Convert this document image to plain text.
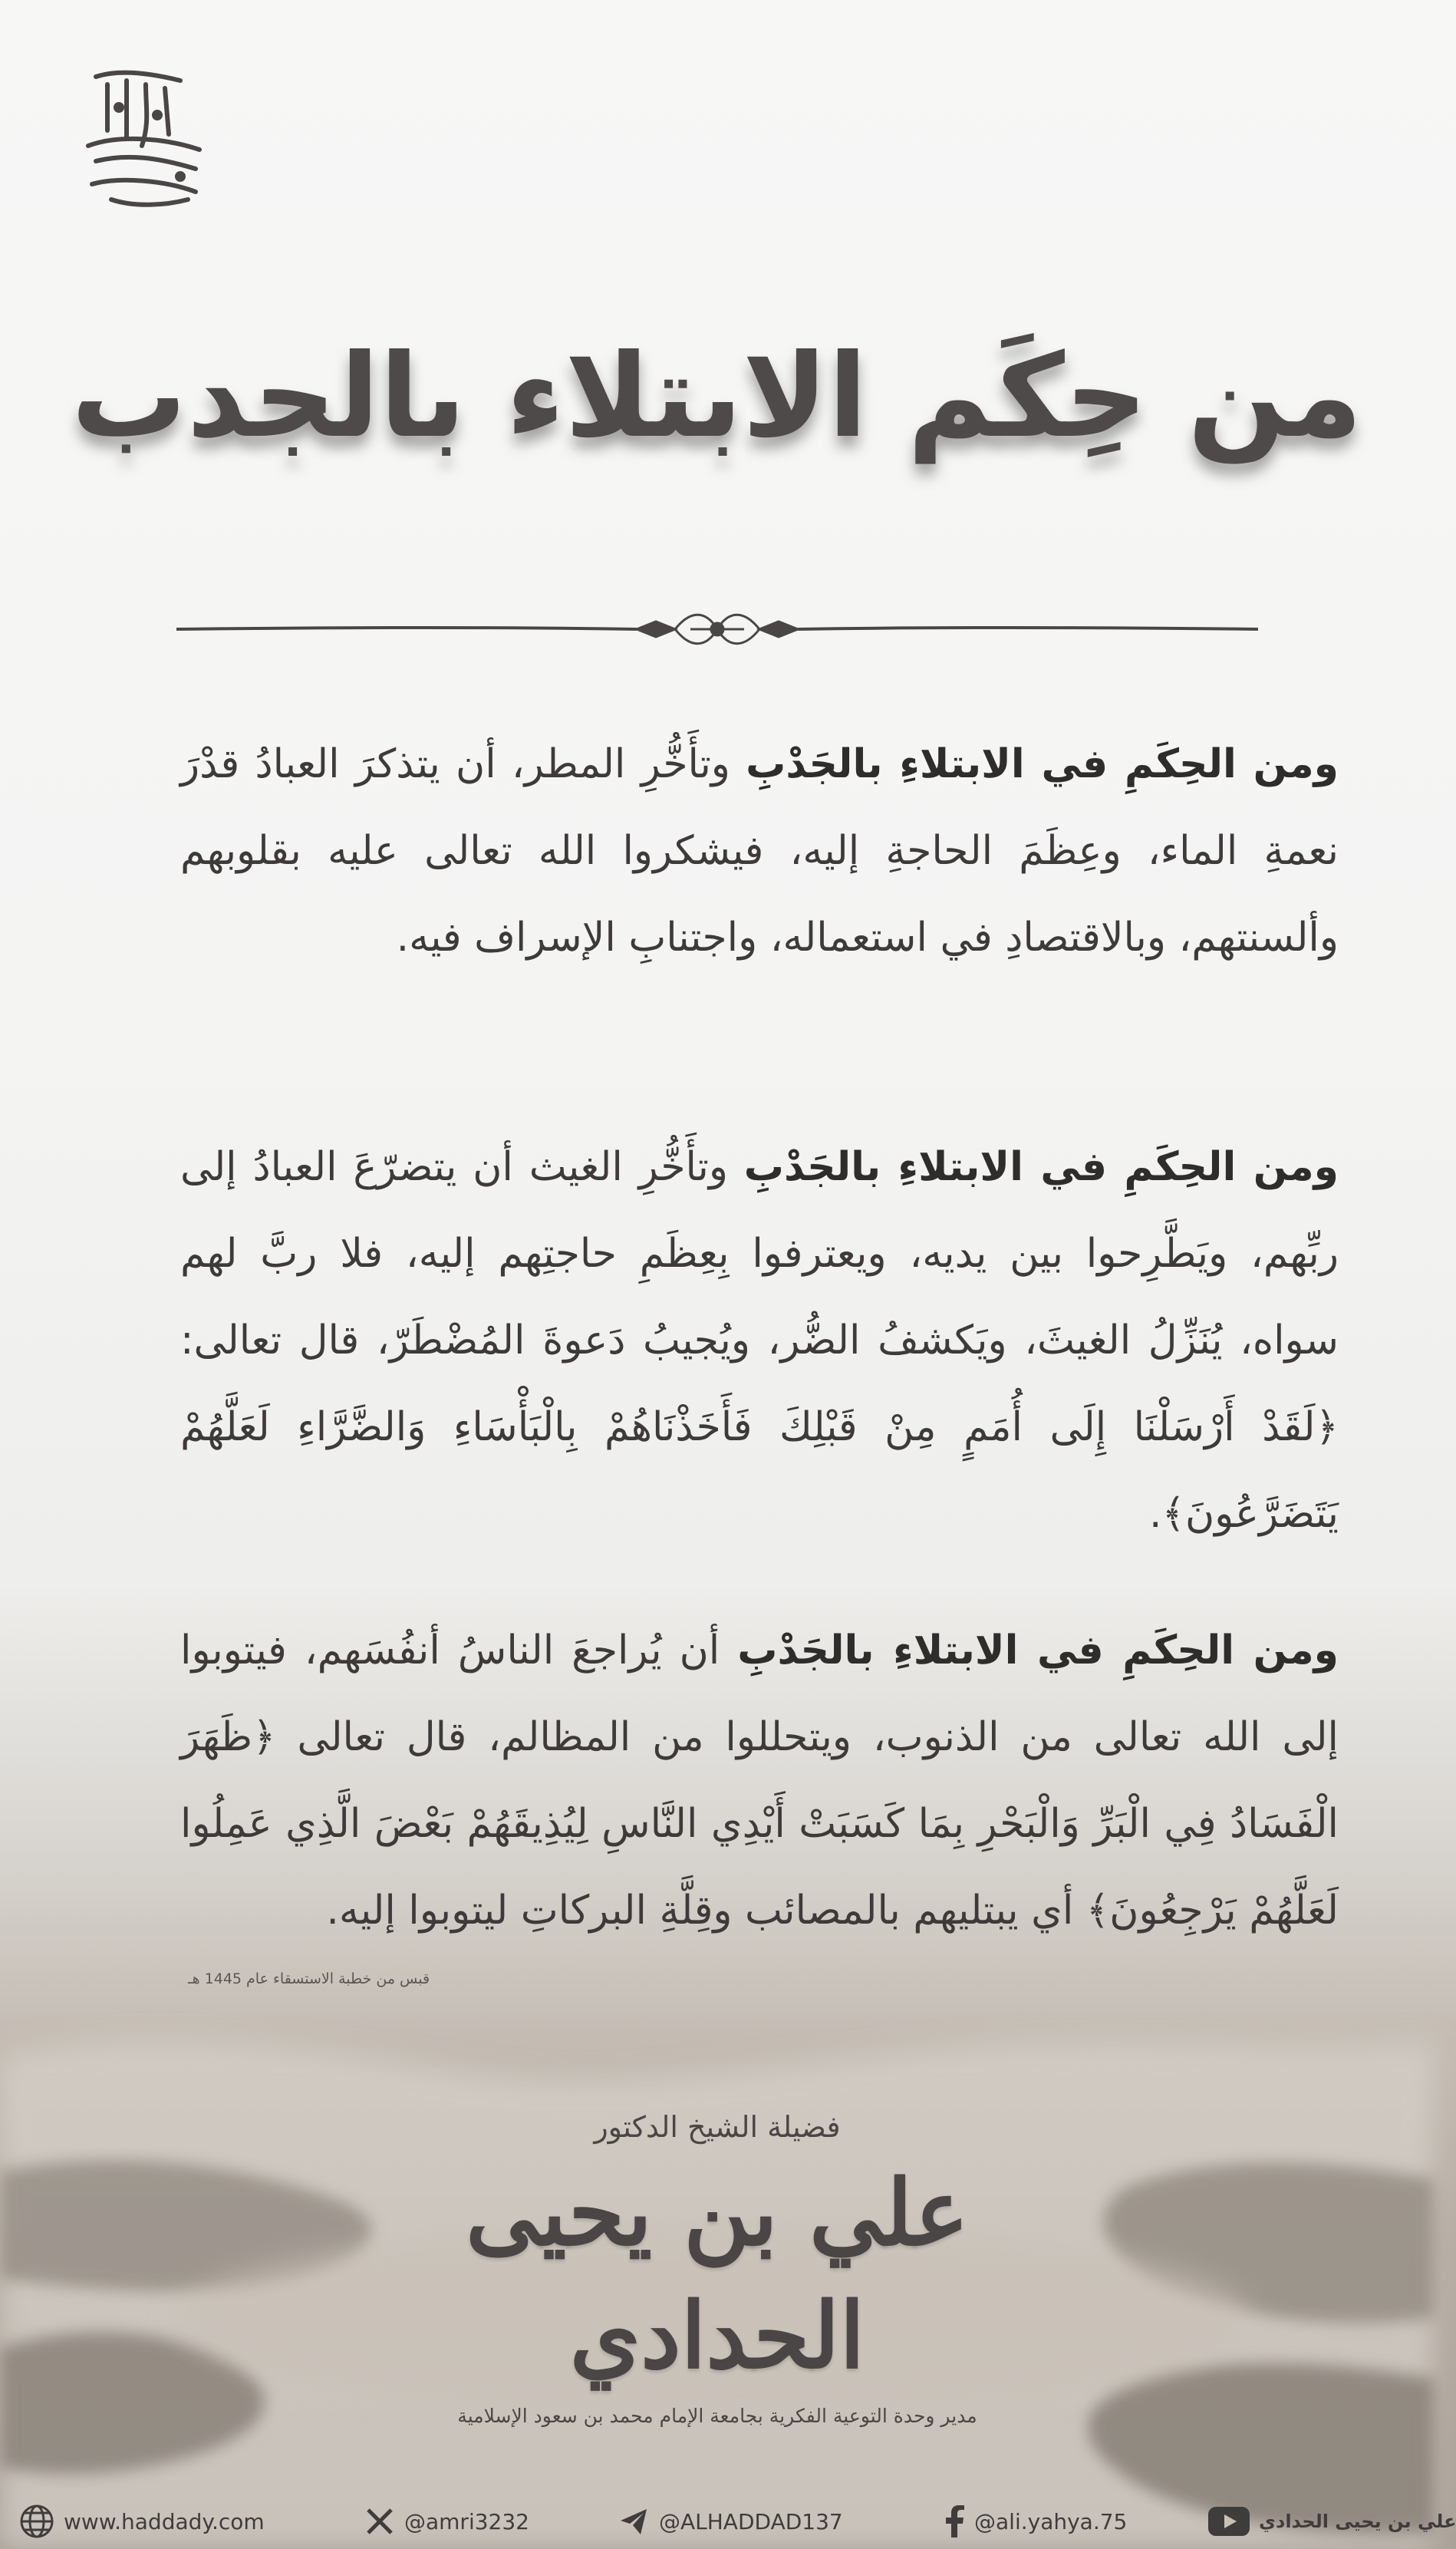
من حِكَم الابتلاء بالجدب

ومن الحِكَمِ في الابتلاءِ بالجَدْبِ وتأَخُّرِ المطر، أن يتذكرَ العبادُ قدْرَ نعمةِ الماء، وعِظَمَ الحاجةِ إليه، فيشكروا الله تعالى عليه بقلوبهم وألسنتهم، وبالاقتصادِ في استعماله، واجتنابِ الإسراف فيه.

ومن الحِكَمِ في الابتلاءِ بالجَدْبِ وتأَخُّرِ الغيث أن يتضرّعَ العبادُ إلى ربِّهم، ويَطَّرِحوا بين يديه، ويعترفوا بِعِظَمِ حاجتِهم إليه، فلا ربَّ لهم سواه، يُنَزِّلُ الغيثَ، ويَكشفُ الضُّر، ويُجيبُ دَعوةَ المُضْطَرّ، قال تعالى: ﴿لَقَدْ أَرْسَلْنَا إِلَى أُمَمٍ مِنْ قَبْلِكَ فَأَخَذْنَاهُمْ بِالْبَأْسَاءِ وَالضَّرَّاءِ لَعَلَّهُمْ يَتَضَرَّعُونَ﴾.

ومن الحِكَمِ في الابتلاءِ بالجَدْبِ أن يُراجعَ الناسُ أنفُسَهم، فيتوبوا إلى الله تعالى من الذنوب، ويتحللوا من المظالم، قال تعالى ﴿ظَهَرَ الْفَسَادُ فِي الْبَرِّ وَالْبَحْرِ بِمَا كَسَبَتْ أَيْدِي النَّاسِ لِيُذِيقَهُمْ بَعْضَ الَّذِي عَمِلُوا لَعَلَّهُمْ يَرْجِعُونَ﴾ أي يبتليهم بالمصائب وقِلَّةِ البركاتِ ليتوبوا إليه.

قبس من خطبة الاستسقاء عام 1445 هـ
فضيلة الشيخ الدكتور
علي بن يحيى الحدادي
مدير وحدة التوعية الفكرية بجامعة الإمام محمد بن سعود الإسلامية
www.haddady.com	@amri3232	@ALHADDAD137	@ali.yahya.75	علي بن يحيى الحدادي
